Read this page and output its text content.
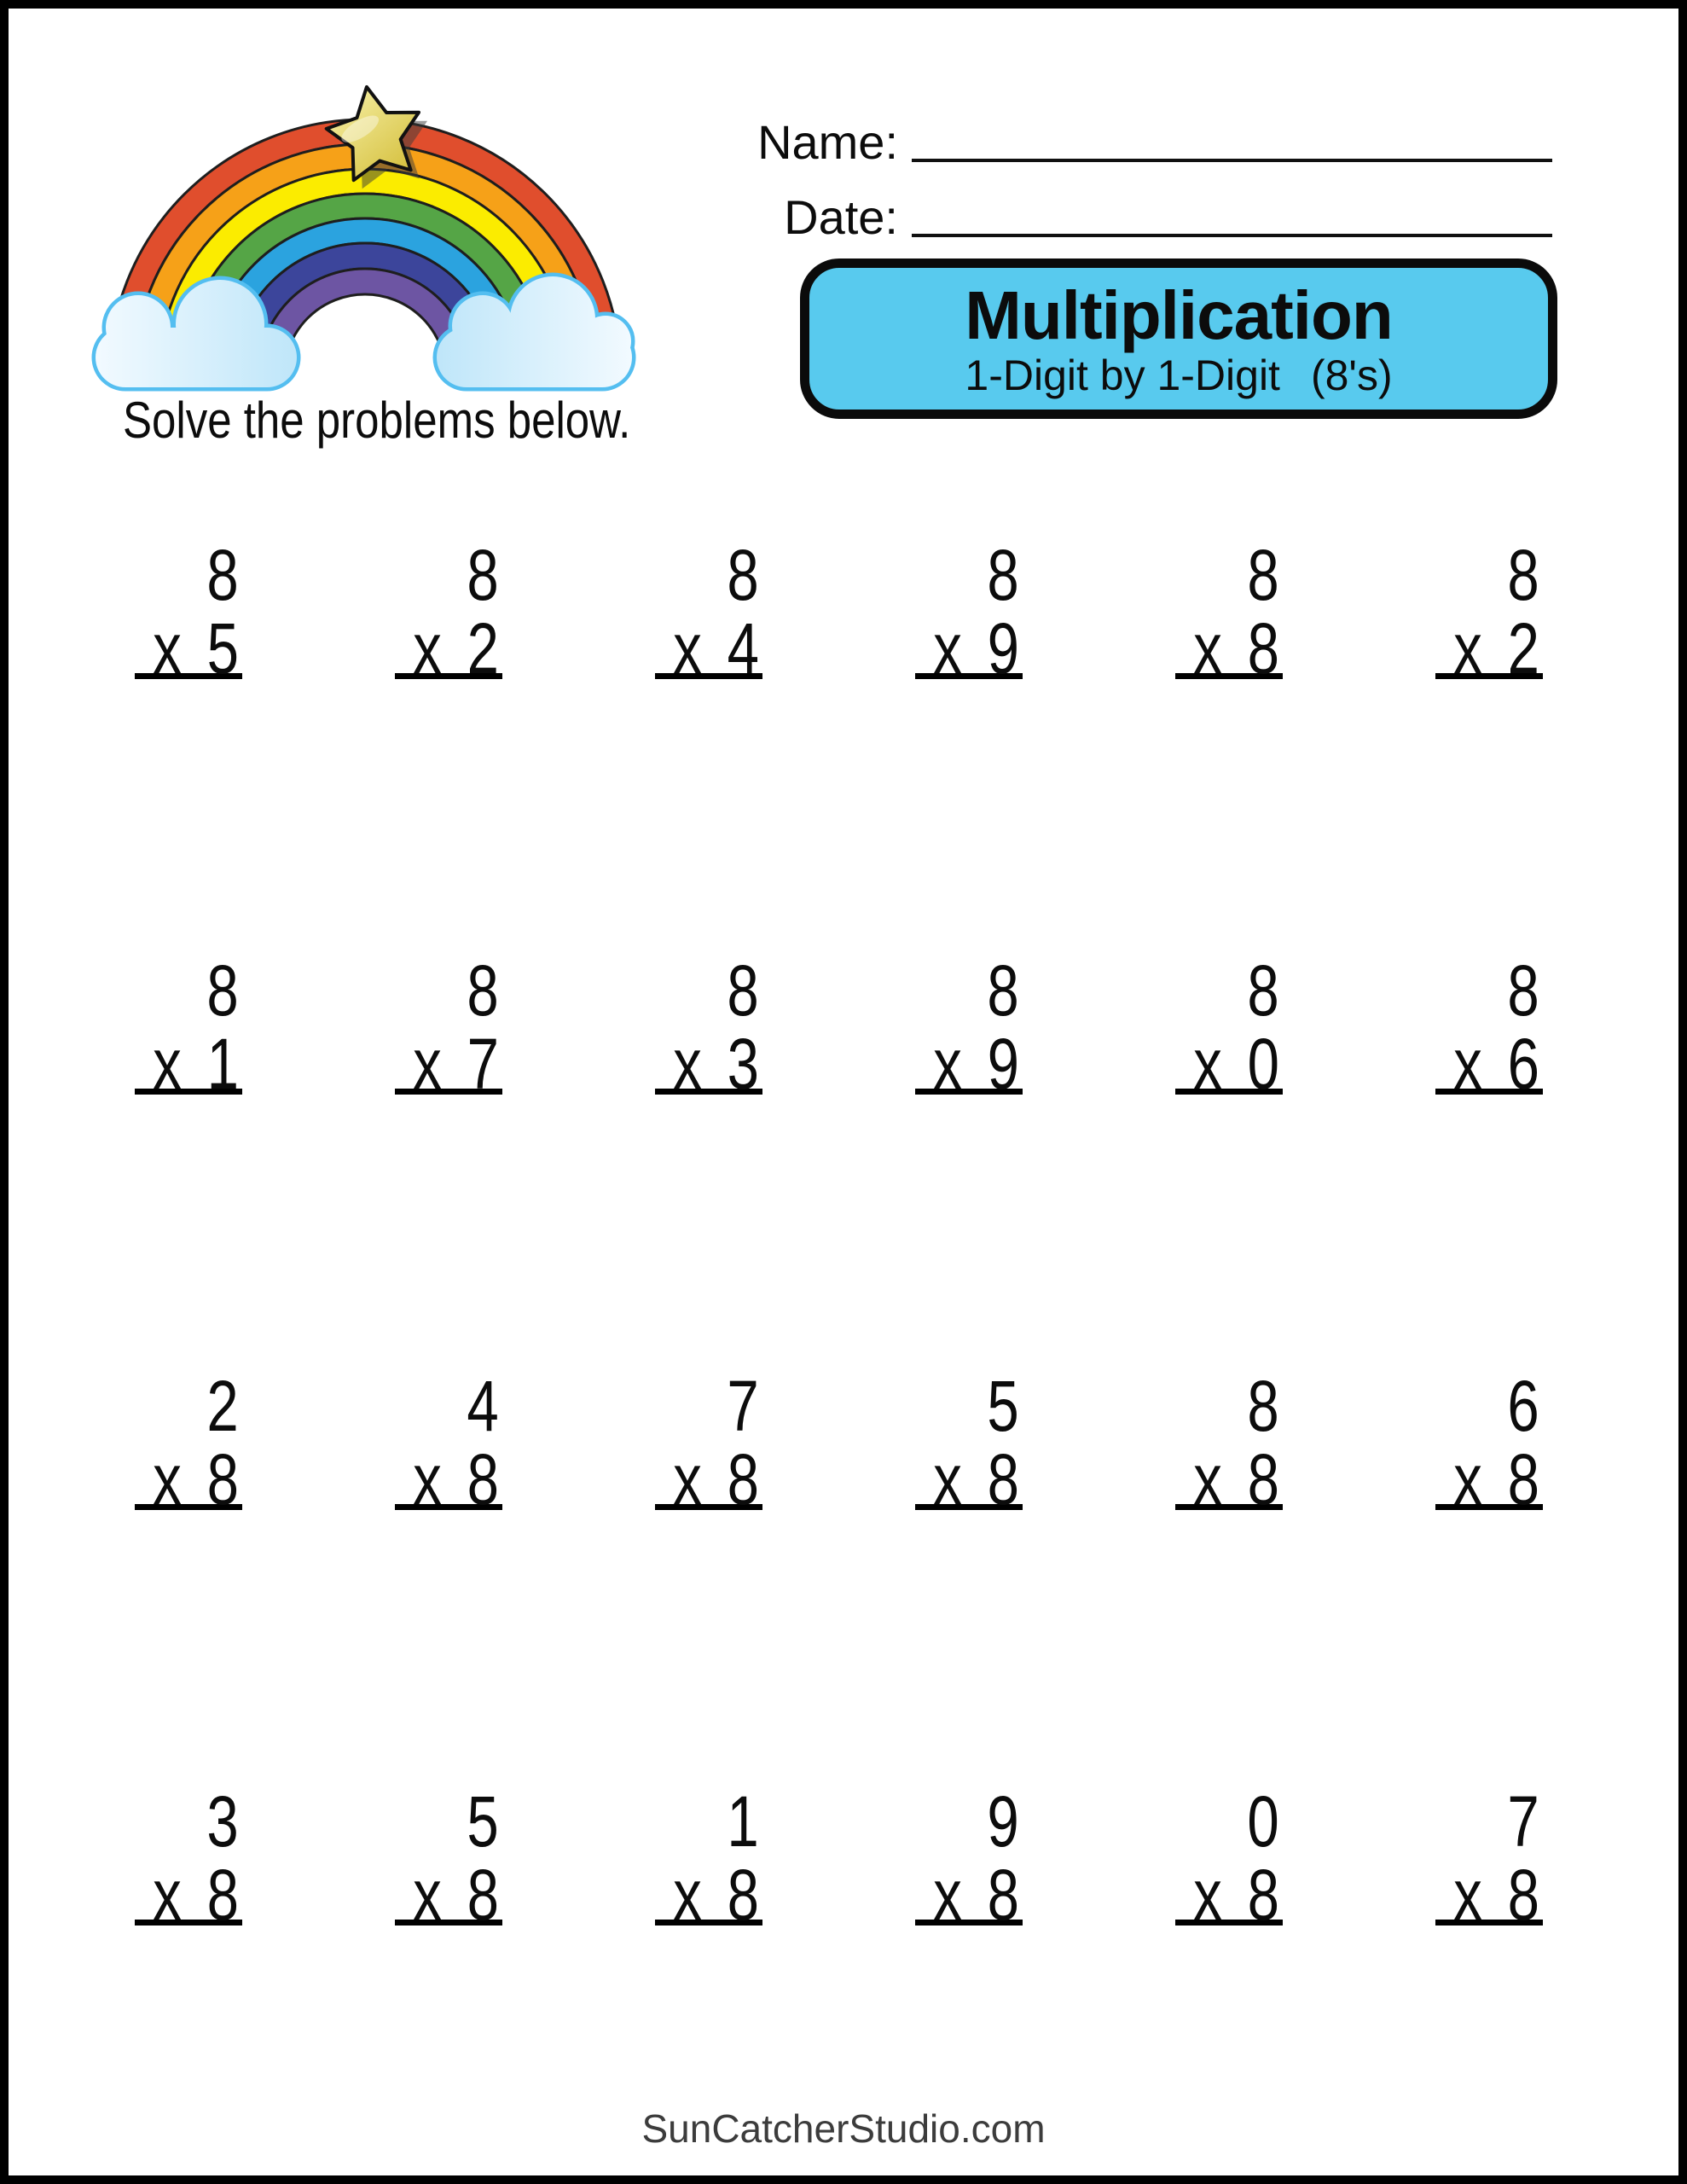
Solve the problems below.
Name:
Date:
Multiplication
1-Digit by 1-Digit (8's)
8
x 5
8
x 2
8
x 4
8
x 9
8
x 8
8
x 2
8
x 1
8
x 7
8
x 3
8
x 9
8
x 0
8
x 6
2
x 8
4
x 8
7
x 8
5
x 8
8
x 8
6
x 8
3
x 8
5
x 8
1
x 8
9
x 8
0
x 8
7
x 8
SunCatcherStudio.com
